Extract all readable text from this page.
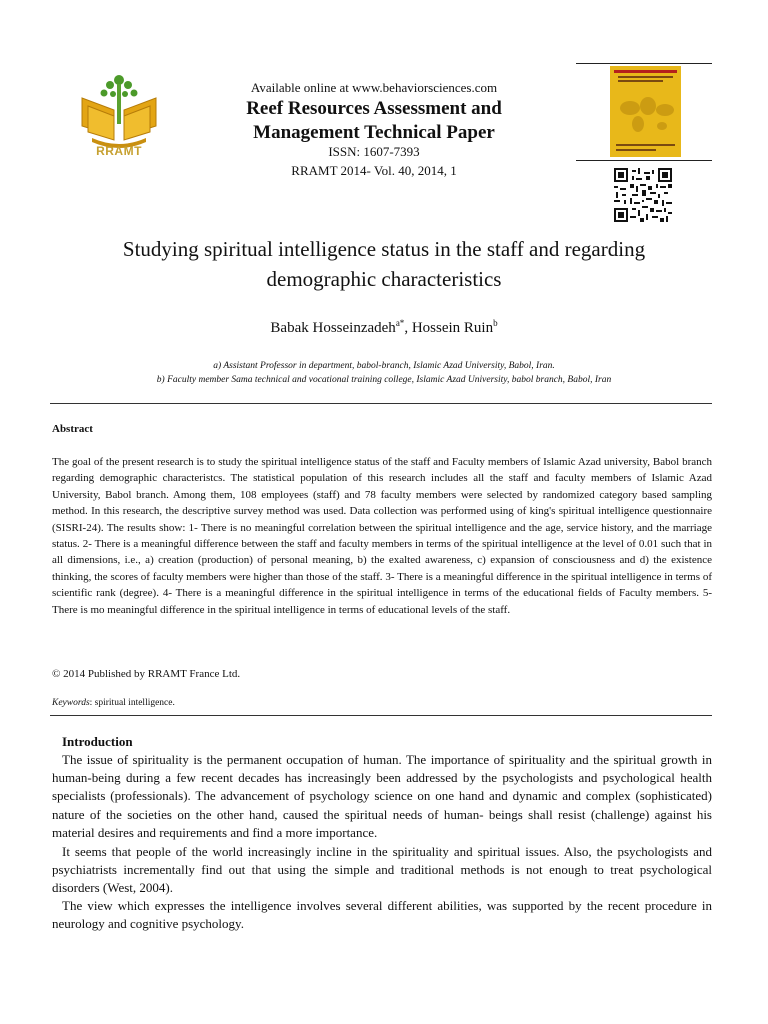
RRAMT
Available online at www.behaviorsciences.com
Reef Resources Assessment and
Management Technical Paper
ISSN: 1607-7393
RRAMT 2014- Vol. 40, 2014, 1
Studying spiritual intelligence status in the staff and regarding
demographic characteristics
Babak Hosseinzadeh$^{a*}$, Hossein Ruin$^b$
a) Assistant Professor in department, babol-branch, Islamic Azad University, Babol, Iran.
b) Faculty member Sama technical and vocational training college, Islamic Azad University, babol branch, Babol, Iran
Abstract
The goal of the present research is to study the spiritual intelligence status of the staff and Faculty members of Islamic Azad university, Babol branch regarding demographic characteristcs. The statistical population of this research includes all the staff and faculty members of Islamic Azad University, Babol branch. Among them, 108 employees (staff) and 78 faculty members were selected by randomized category based sampling method. In this research, the descriptive survey method was used. Data collection was performed using of king's spiritual intelligence questionnaire (SISRI-24). The results show: 1- There is no meaningful correlation between the spiritual intelligence and the age, service history, and the marriage status. 2- There is a meaningful difference between the staff and faculty members in terms of the spiritual intelligence at the level of 0.01 such that in all dimensions, i.e., a) creation (production) of personal meaning, b) the exalted awareness, c) expansion of consciousness and d) the existence thinking, the scores of faculty members were higher than those of the staff. 3- There is a meaningful difference in the spiritual intelligence in terms of scientific rank (degree). 4- There is a meaningful difference in the spiritual intelligence in terms of the educational fields of Faculty members. 5- There is mo meaningful difference in the spiritual intelligence in terms of educational levels of the staff.
© 2014 Published by RRAMT France Ltd.
Keywords: spiritual intelligence.
Introduction
The issue of spirituality is the permanent occupation of human. The importance of spirituality and the spiritual growth in human-being during a few recent decades has increasingly been addressed by the psychologists and psychological health specialists (professionals). The advancement of psychology science on one hand and dynamic and complex (sophisticated) nature of the societies on the other hand, caused the spiritual needs of human- beings shall resist (challenge) against his material desires and requirements and find a more importance.
It seems that people of the world increasingly incline in the spirituality and spiritual issues. Also, the psychologists and psychiatrists incrementally find out that using the simple and traditional methods is not enough to treat psychological disorders (West, 2004).
The view which expresses the intelligence involves several different abilities, was supported by the recent procedure in neurology and cognitive psychology.
